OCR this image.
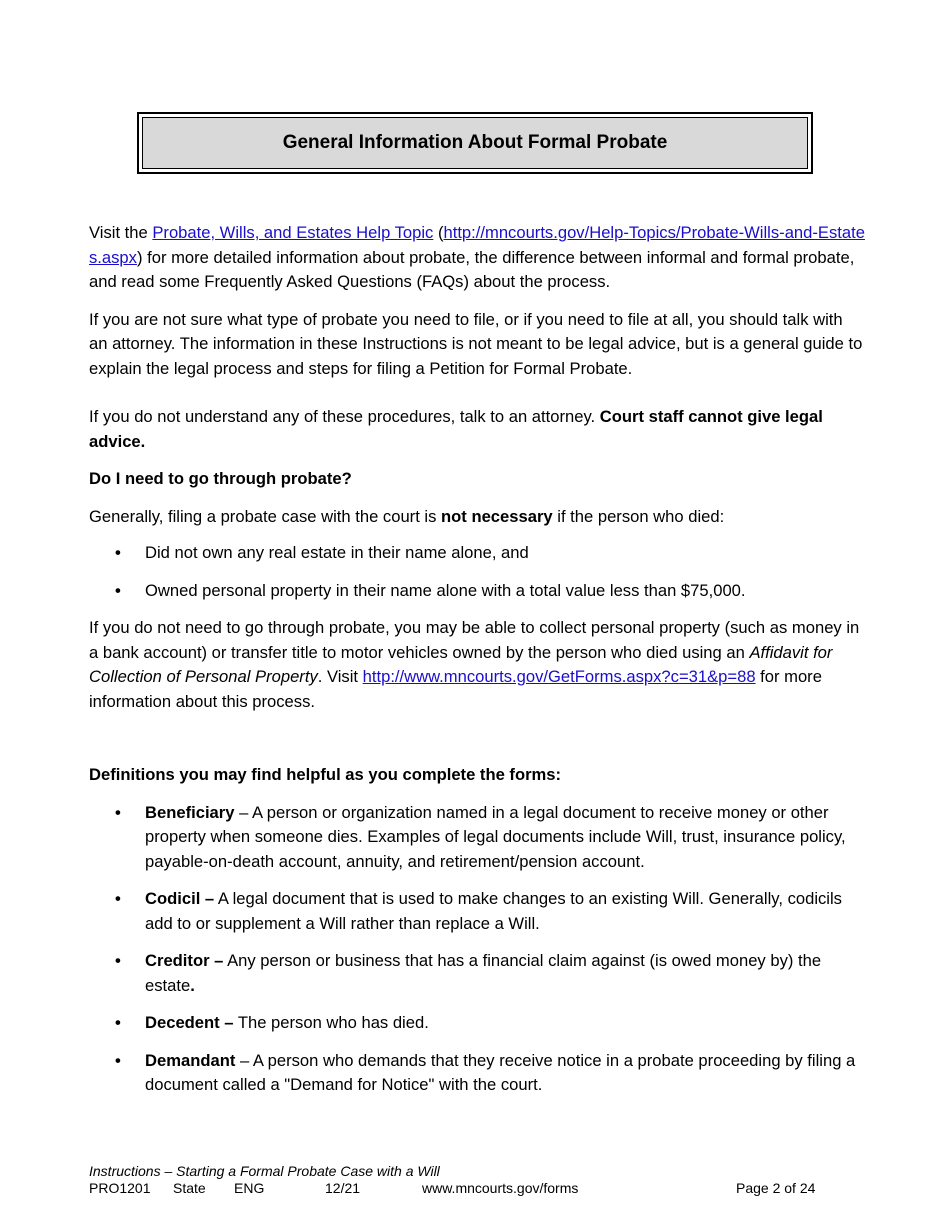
General Information About Formal Probate

Visit the Probate, Wills, and Estates Help Topic (http://mncourts.gov/Help-Topics/Probate-Wills-and-Estates.aspx) for more detailed information about probate, the difference between informal and formal probate, and read some Frequently Asked Questions (FAQs) about the process.

If you are not sure what type of probate you need to file, or if you need to file at all, you should talk with an attorney. The information in these Instructions is not meant to be legal advice, but is a general guide to explain the legal process and steps for filing a Petition for Formal Probate.

If you do not understand any of these procedures, talk to an attorney. Court staff cannot give legal advice.

Do I need to go through probate?

Generally, filing a probate case with the court is not necessary if the person who died:

• Did not own any real estate in their name alone, and
• Owned personal property in their name alone with a total value less than $75,000.

If you do not need to go through probate, you may be able to collect personal property (such as money in a bank account) or transfer title to motor vehicles owned by the person who died using an Affidavit for Collection of Personal Property. Visit http://www.mncourts.gov/GetForms.aspx?c=31&p=88 for more information about this process.

Definitions you may find helpful as you complete the forms:

• Beneficiary – A person or organization named in a legal document to receive money or other property when someone dies. Examples of legal documents include Will, trust, insurance policy, payable-on-death account, annuity, and retirement/pension account.
• Codicil – A legal document that is used to make changes to an existing Will. Generally, codicils add to or supplement a Will rather than replace a Will.
• Creditor – Any person or business that has a financial claim against (is owed money by) the estate.
• Decedent – The person who has died.
• Demandant – A person who demands that they receive notice in a probate proceeding by filing a document called a "Demand for Notice" with the court.
Instructions – Starting a Formal Probate Case with a Will
PRO1201 State ENG	12/21	www.mncourts.gov/forms	Page 2 of 24
